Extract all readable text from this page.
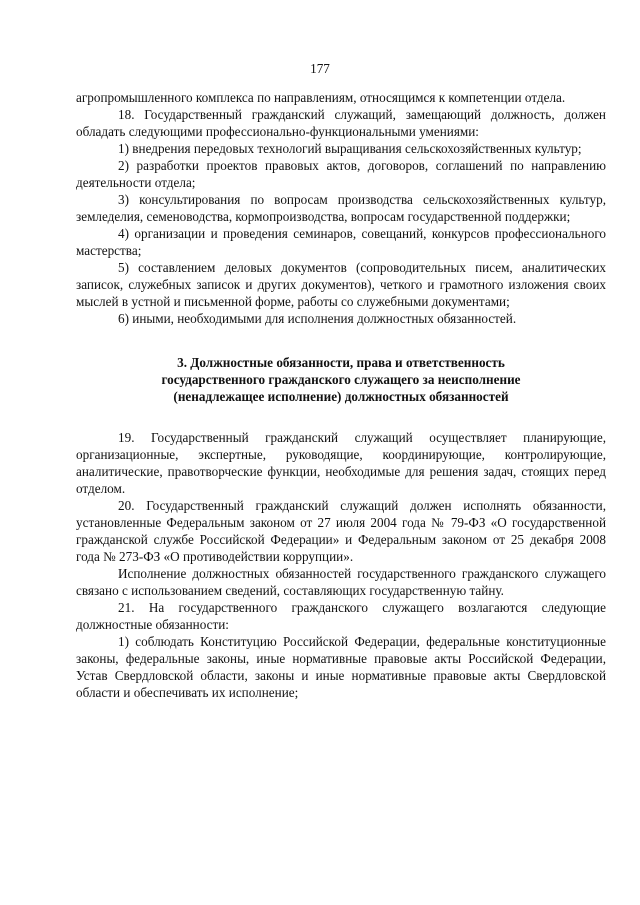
177

агропромышленного комплекса по направлениям, относящимся к компетенции отдела.

18. Государственный гражданский служащий, замещающий должность, должен обладать следующими профессионально-функциональными умениями:

1) внедрения передовых технологий выращивания сельскохозяйственных культур;

2) разработки проектов правовых актов, договоров, соглашений по направлению деятельности отдела;

3) консультирования по вопросам производства сельскохозяйственных культур, земледелия, семеноводства, кормопроизводства, вопросам государственной поддержки;

4) организации и проведения семинаров, совещаний, конкурсов профессионального мастерства;

5) составлением деловых документов (сопроводительных писем, аналитических записок, служебных записок и других документов), четкого и грамотного изложения своих мыслей в устной и письменной форме, работы со служебными документами;

6) иными, необходимыми для исполнения должностных обязанностей.

3. Должностные обязанности, права и ответственность
государственного гражданского служащего за неисполнение
(ненадлежащее исполнение) должностных обязанностей

19. Государственный гражданский служащий осуществляет планирующие, организационные, экспертные, руководящие, координирующие, контролирующие, аналитические, правотворческие функции, необходимые для решения задач, стоящих перед отделом.

20. Государственный гражданский служащий должен исполнять обязанности, установленные Федеральным законом от 27 июля 2004 года № 79-ФЗ «О государственной гражданской службе Российской Федерации» и Федеральным законом от 25 декабря 2008 года № 273-ФЗ «О противодействии коррупции».

Исполнение должностных обязанностей государственного гражданского служащего связано с использованием сведений, составляющих государственную тайну.

21. На государственного гражданского служащего возлагаются следующие должностные обязанности:

1) соблюдать Конституцию Российской Федерации, федеральные конституционные законы, федеральные законы, иные нормативные правовые акты Российской Федерации, Устав Свердловской области, законы и иные нормативные правовые акты Свердловской области и обеспечивать их исполнение;
